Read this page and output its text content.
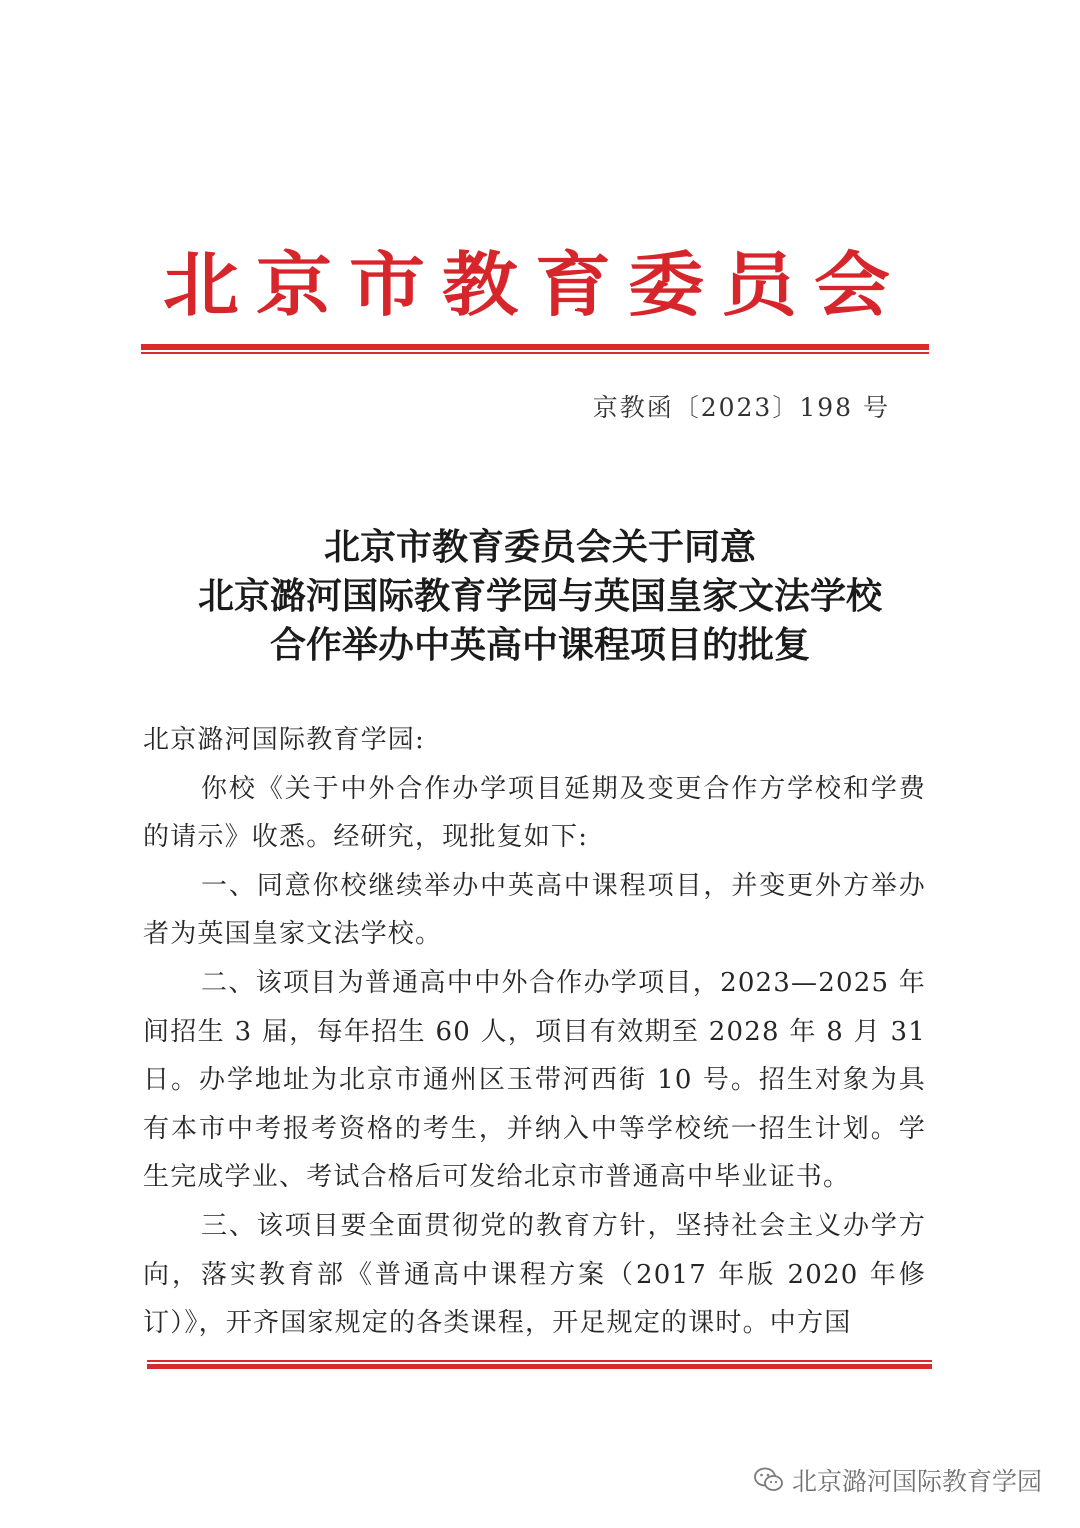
北京市教育委员会
京教函〔2023〕198 号
北京市教育委员会关于同意
北京潞河国际教育学园与英国皇家文法学校
合作举办中英高中课程项目的批复

北京潞河国际教育学园:

你校《关于中外合作办学项目延期及变更合作方学校和学费的请示》收悉。经研究，现批复如下:

一、同意你校继续举办中英高中课程项目，并变更外方举办者为英国皇家文法学校。

二、该项目为普通高中中外合作办学项目，2023—2025 年间招生 3 届，每年招生 60 人，项目有效期至 2028 年 8 月 31 日。办学地址为北京市通州区玉带河西街 10 号。招生对象为具有本市中考报考资格的考生，并纳入中等学校统一招生计划。学生完成学业、考试合格后可发给北京市普通高中毕业证书。

三、该项目要全面贯彻党的教育方针，坚持社会主义办学方向，落实教育部《普通高中课程方案（2017 年版 2020 年修订）》，开齐国家规定的各类课程，开足规定的课时。中方国

北京潞河国际教育学园
